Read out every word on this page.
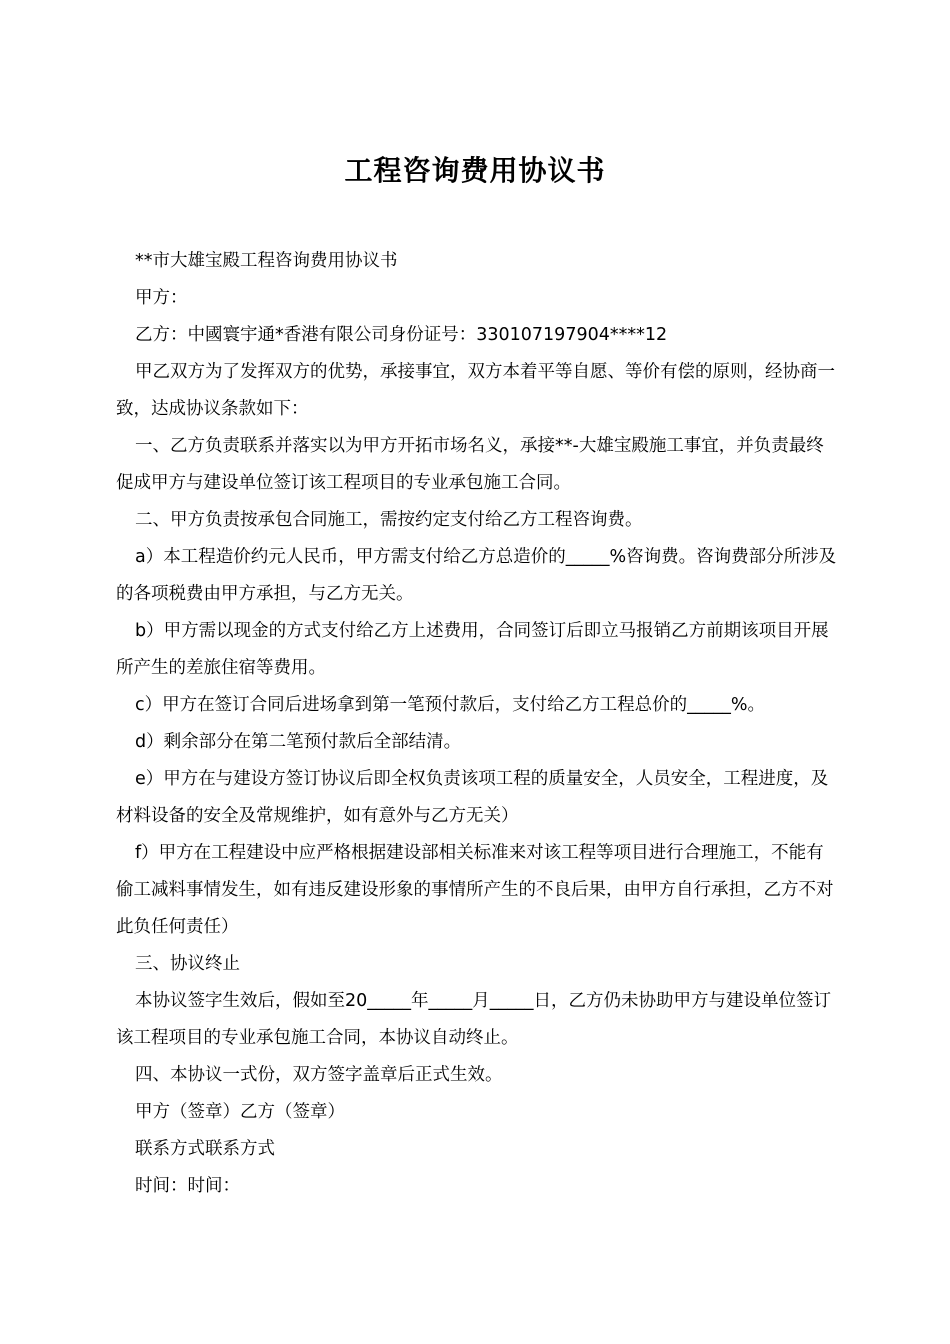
工程咨询费用协议书

**市大雄宝殿工程咨询费用协议书

甲方：

乙方：中國寰宇通*香港有限公司身份证号：330107197904****12

甲乙双方为了发挥双方的优势，承接事宜，双方本着平等自愿、等价有偿的原则，经协商一致，达成协议条款如下：

一、乙方负责联系并落实以为甲方开拓市场名义，承接**-大雄宝殿施工事宜，并负责最终促成甲方与建设单位签订该工程项目的专业承包施工合同。

二、甲方负责按承包合同施工，需按约定支付给乙方工程咨询费。

a）本工程造价约元人民币，甲方需支付给乙方总造价的_____%咨询费。咨询费部分所涉及的各项税费由甲方承担，与乙方无关。

b）甲方需以现金的方式支付给乙方上述费用，合同签订后即立马报销乙方前期该项目开展所产生的差旅住宿等费用。

c）甲方在签订合同后进场拿到第一笔预付款后，支付给乙方工程总价的_____%。

d）剩余部分在第二笔预付款后全部结清。

e）甲方在与建设方签订协议后即全权负责该项工程的质量安全，人员安全，工程进度，及材料设备的安全及常规维护，如有意外与乙方无关）

f）甲方在工程建设中应严格根据建设部相关标准来对该工程等项目进行合理施工，不能有偷工减料事情发生，如有违反建设形象的事情所产生的不良后果，由甲方自行承担，乙方不对此负任何责任）

三、协议终止

本协议签字生效后，假如至20_____年_____月_____日，乙方仍未协助甲方与建设单位签订该工程项目的专业承包施工合同，本协议自动终止。

四、本协议一式份，双方签字盖章后正式生效。

甲方（签章）乙方（签章）

联系方式联系方式

时间：时间：
